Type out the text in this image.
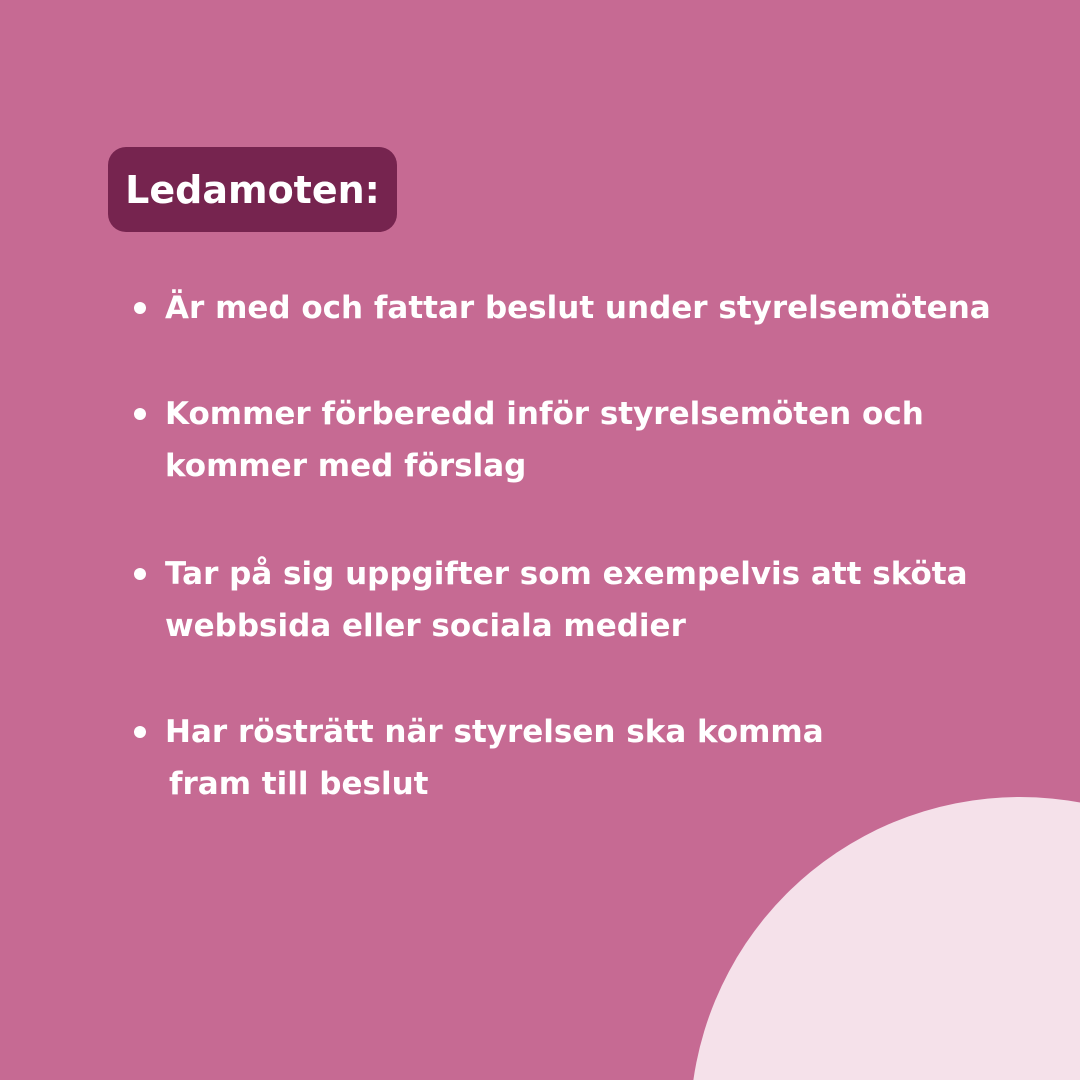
Ledamoten:
Är med och fattar beslut under styrelsemötena
Kommer förberedd inför styrelsemöten och
kommer med förslag
Tar på sig uppgifter som exempelvis att sköta
webbsida eller sociala medier
Har rösträtt när styrelsen ska komma
fram till beslut
